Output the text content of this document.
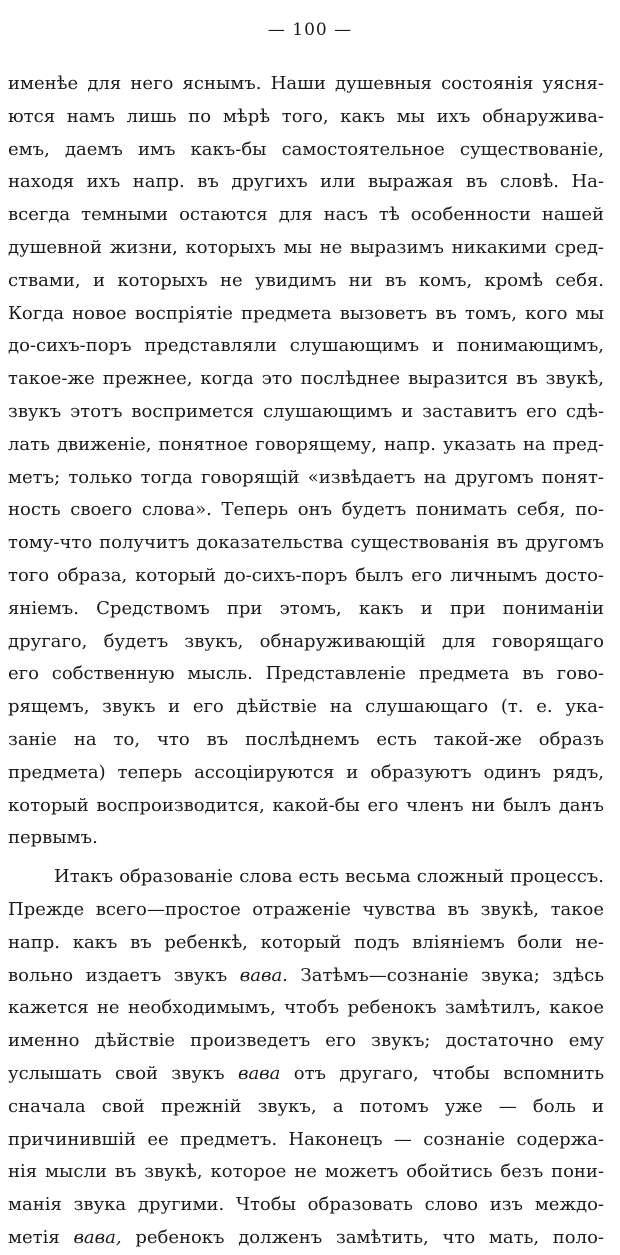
— 100 —
именѣе для него яснымъ. Наши душевныя состоянія уясня-
ются намъ лишь по мѣрѣ того, какъ мы ихъ обнаруживa-
емъ, даемъ имъ какъ-бы самостоятельное существованіе,
находя ихъ напр. въ другихъ или выражая въ словѣ. На-
всегда темными остаются для насъ тѣ особенности нашей
душевной жизни, которыхъ мы не выразимъ никакими сред-
ствами, и которыхъ не увидимъ ни въ комъ, кромѣ себя.
Когда новое воспріятіе предмета вызоветъ въ томъ, кого мы
до-сихъ-поръ представляли слушающимъ и понимающимъ,
такое-же прежнее, когда это послѣднее выразится въ звукѣ,
звукъ этотъ воспримется слушающимъ и заставитъ его сдѣ-
лать движеніе, понятное говорящему, напр. указать на пред-
метъ; только тогда говорящій «извѣдаетъ на другомъ понят-
ность своего слова». Теперь онъ будетъ понимать себя, по-
тому-что получитъ доказательства существованія въ другомъ
того образа, который до-сихъ-поръ былъ его личнымъ досто-
яніемъ. Средствомъ при этомъ, какъ и при пониманіи
другаго, будетъ звукъ, обнаруживающій для говорящаго
его собственную мысль. Представленіе предмета въ гово-
рящемъ, звукъ и его дѣйствіе на слушающаго (т. е. ука-
заніе на то, что въ послѣднемъ есть такой-же образъ
предмета) теперь ассоціируются и образуютъ одинъ рядъ,
который воспроизводится, какой-бы его членъ ни былъ данъ
первымъ.
Итакъ образованіе слова есть весьма сложный процессъ.
Прежде всего—простое отраженіе чувства въ звукѣ, такое
напр. какъ въ ребенкѣ, который подъ вліяніемъ боли не-
вольно издаетъ звукъ вава. Затѣмъ—сознаніе звука; здѣсь
кажется не необходимымъ, чтобъ ребенокъ замѣтилъ, какое
именно дѣйствіе произведетъ его звукъ; достаточно ему
услышать свой звукъ вава отъ другаго, чтобы вспомнить
сначала свой прежній звукъ, а потомъ уже — боль и
причинившій ее предметъ. Наконецъ — сознаніе содержа-
нія мысли въ звукѣ, которое не можетъ обойтись безъ пони-
манія звука другими. Чтобы образовать слово изъ междо-
метія вава, ребенокъ долженъ замѣтить, что мать, поло-
